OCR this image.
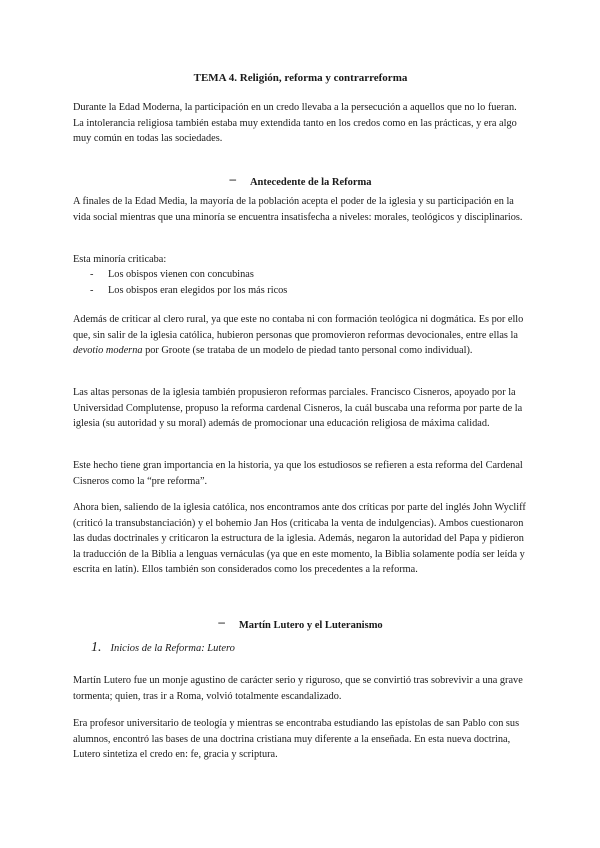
TEMA 4. Religión, reforma y contrarreforma

Durante la Edad Moderna, la participación en un credo llevaba a la persecución a aquellos que no lo fueran. La intolerancia religiosa también estaba muy extendida tanto en los credos como en las prácticas, y era algo muy común en todas las sociedades.

– Antecedente de la Reforma

A finales de la Edad Media, la mayoría de la población acepta el poder de la iglesia y su participación en la vida social mientras que una minoría se encuentra insatisfecha a niveles: morales, teológicos y disciplinarios.

Esta minoría criticaba:

- Los obispos vienen con concubinas
- Los obispos eran elegidos por los más ricos

Además de criticar al clero rural, ya que este no contaba ni con formación teológica ni dogmática. Es por ello que, sin salir de la iglesia católica, hubieron personas que promovieron reformas devocionales, entre ellas la devotio moderna por Groote (se trataba de un modelo de piedad tanto personal como individual).

Las altas personas de la iglesia también propusieron reformas parciales. Francisco Cisneros, apoyado por la Universidad Complutense, propuso la reforma cardenal Cisneros, la cuál buscaba una reforma por parte de la iglesia (su autoridad y su moral) además de promocionar una educación religiosa de máxima calidad.

Este hecho tiene gran importancia en la historia, ya que los estudiosos se refieren a esta reforma del Cardenal Cisneros como la “pre reforma”.

Ahora bien, saliendo de la iglesia católica, nos encontramos ante dos críticas por parte del inglés John Wycliff (criticó la transubstanciación) y el bohemio Jan Hos (criticaba la venta de indulgencias). Ambos cuestionaron las dudas doctrinales y criticaron la estructura de la iglesia. Además, negaron la autoridad del Papa y pidieron la traducción de la Biblia a lenguas vernáculas (ya que en este momento, la Biblia solamente podía ser leída y escrita en latín). Ellos también son considerados como los precedentes a la reforma.

– Martín Lutero y el Luteranismo
1. Inicios de la Reforma: Lutero

Martín Lutero fue un monje agustino de carácter serio y riguroso, que se convirtió tras sobrevivir a una grave tormenta; quien, tras ir a Roma, volvió totalmente escandalizado.

Era profesor universitario de teología y mientras se encontraba estudiando las epístolas de san Pablo con sus alumnos, encontró las bases de una doctrina cristiana muy diferente a la enseñada. En esta nueva doctrina, Lutero sintetiza el credo en: fe, gracia y scriptura.
